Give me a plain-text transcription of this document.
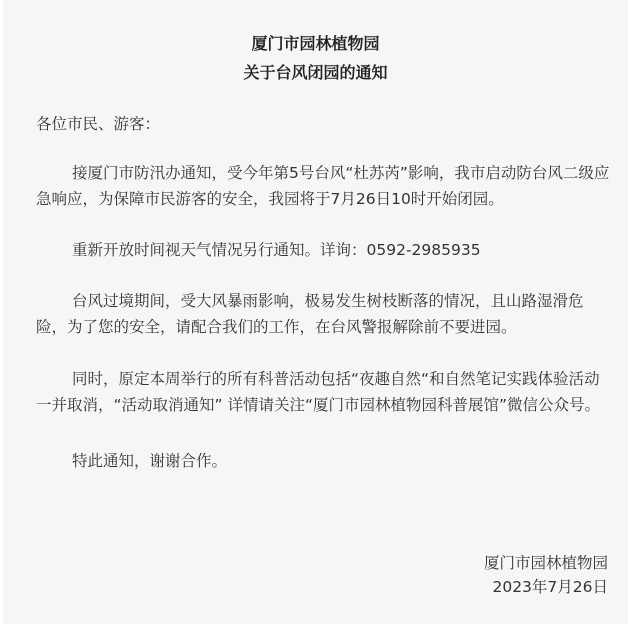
厦门市园林植物园
关于台风闭园的通知

各位市民、游客：

接厦门市防汛办通知，受今年第5号台风“杜苏芮”影响，我市启动防台风二级应急响应，为保障市民游客的安全，我园将于7月26日10时开始闭园。

重新开放时间视天气情况另行通知。详询：0592-2985935

台风过境期间，受大风暴雨影响，极易发生树枝断落的情况，且山路湿滑危险，为了您的安全，请配合我们的工作，在台风警报解除前不要进园。

同时，原定本周举行的所有科普活动包括“夜趣自然“和自然笔记实践体验活动一并取消，“活动取消通知” 详情请关注“厦门市园林植物园科普展馆”微信公众号。

特此通知，谢谢合作。

厦门市园林植物园
2023年7月26日
